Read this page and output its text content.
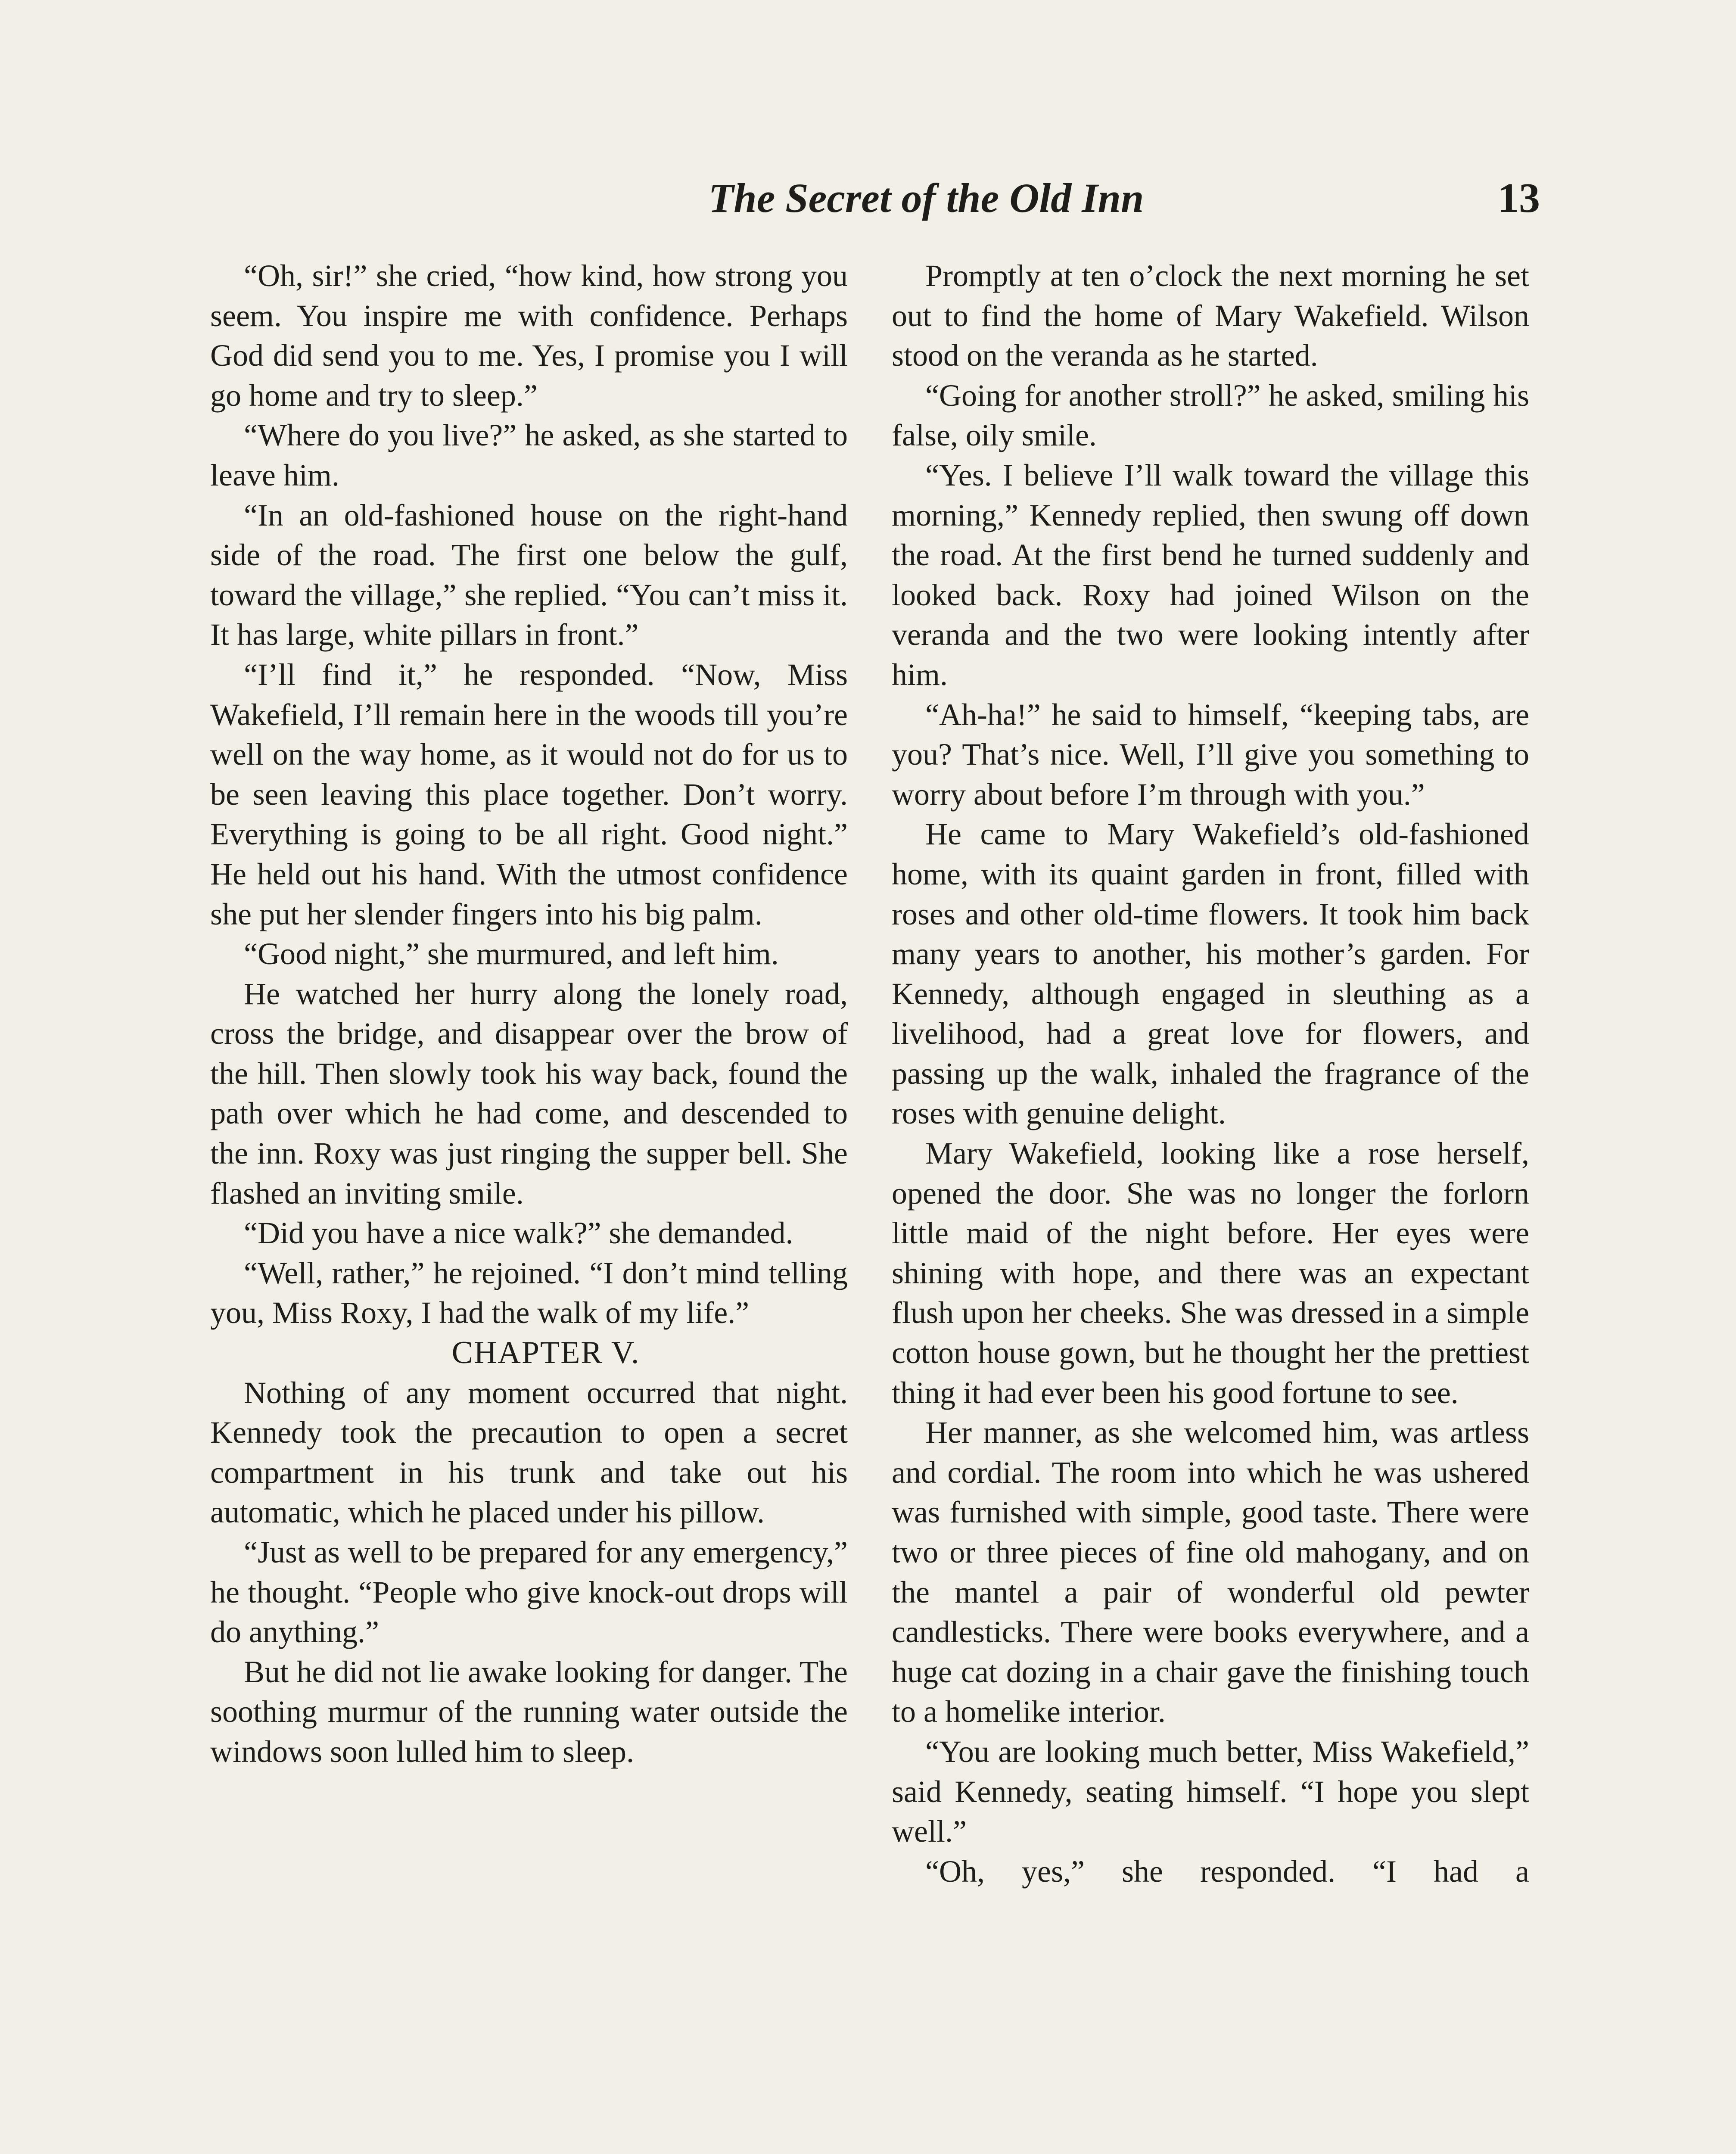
The Secret of the Old Inn	13

“Oh, sir!” she cried, “how kind, how strong you seem. You inspire me with confidence. Perhaps God did send you to me. Yes, I promise you I will go home and try to sleep.”

“Where do you live?” he asked, as she started to leave him.

“In an old-fashioned house on the right-hand side of the road. The first one below the gulf, toward the village,” she replied. “You can’t miss it. It has large, white pillars in front.”

“I’ll find it,” he responded. “Now, Miss Wakefield, I’ll remain here in the woods till you’re well on the way home, as it would not do for us to be seen leaving this place together. Don’t worry. Everything is going to be all right. Good night.” He held out his hand. With the utmost confidence she put her slender fingers into his big palm.

“Good night,” she murmured, and left him.

He watched her hurry along the lonely road, cross the bridge, and disappear over the brow of the hill. Then slowly took his way back, found the path over which he had come, and descended to the inn. Roxy was just ringing the supper bell. She flashed an inviting smile.

“Did you have a nice walk?” she demanded.

“Well, rather,” he rejoined. “I don’t mind telling you, Miss Roxy, I had the walk of my life.”

CHAPTER V.

Nothing of any moment occurred that night. Kennedy took the precaution to open a secret compartment in his trunk and take out his automatic, which he placed under his pillow.

“Just as well to be prepared for any emergency,” he thought. “People who give knock-out drops will do anything.”

But he did not lie awake looking for danger. The soothing murmur of the running water outside the windows soon lulled him to sleep.

Promptly at ten o’clock the next morning he set out to find the home of Mary Wakefield. Wilson stood on the veranda as he started.

“Going for another stroll?” he asked, smiling his false, oily smile.

“Yes. I believe I’ll walk toward the village this morning,” Kennedy replied, then swung off down the road. At the first bend he turned suddenly and looked back. Roxy had joined Wilson on the veranda and the two were looking intently after him.

“Ah-ha!” he said to himself, “keeping tabs, are you? That’s nice. Well, I’ll give you something to worry about before I’m through with you.”

He came to Mary Wakefield’s old-fashioned home, with its quaint garden in front, filled with roses and other old-time flowers. It took him back many years to another, his mother’s garden. For Kennedy, although engaged in sleuthing as a livelihood, had a great love for flowers, and passing up the walk, inhaled the fragrance of the roses with genuine delight.

Mary Wakefield, looking like a rose herself, opened the door. She was no longer the forlorn little maid of the night before. Her eyes were shining with hope, and there was an expectant flush upon her cheeks. She was dressed in a simple cotton house gown, but he thought her the prettiest thing it had ever been his good fortune to see.

Her manner, as she welcomed him, was artless and cordial. The room into which he was ushered was furnished with simple, good taste. There were two or three pieces of fine old mahogany, and on the mantel a pair of wonderful old pewter candlesticks. There were books everywhere, and a huge cat dozing in a chair gave the finishing touch to a homelike interior.

“You are looking much better, Miss Wakefield,” said Kennedy, seating himself. “I hope you slept well.”

“Oh, yes,” she responded. “I had a
